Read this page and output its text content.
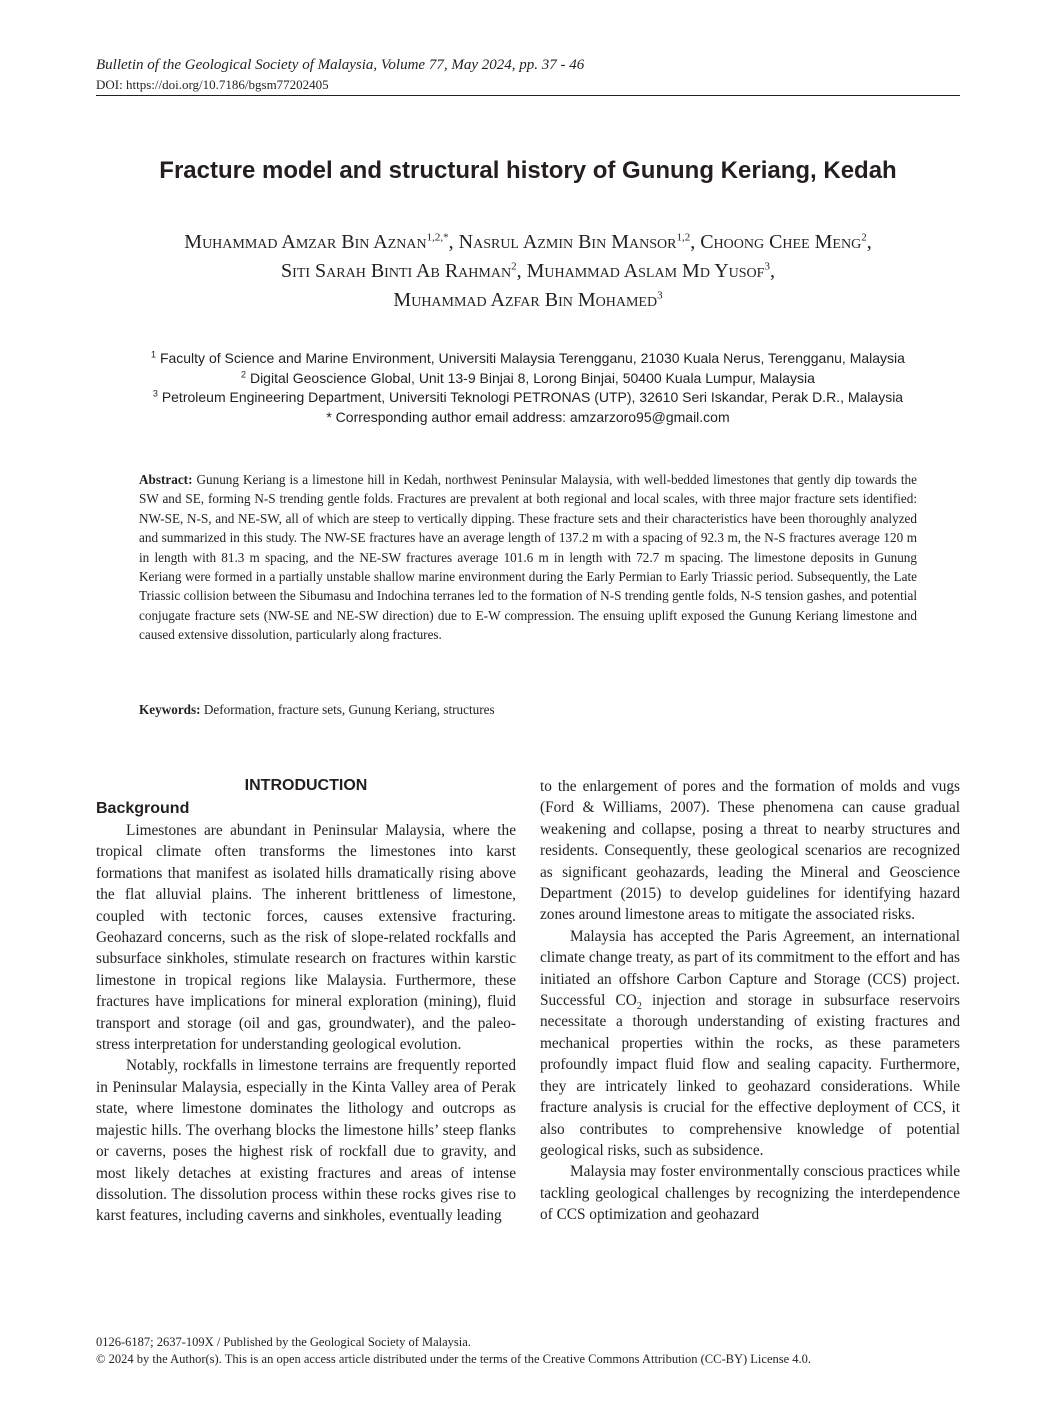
Bulletin of the Geological Society of Malaysia, Volume 77, May 2024, pp. 37 - 46
DOI: https://doi.org/10.7186/bgsm77202405
Fracture model and structural history of Gunung Keriang, Kedah
Muhammad Amzar Bin Aznan$^{1,2,*}$, Nasrul Azmin Bin Mansor$^{1,2}$, Choong Chee Meng$^2$,
Siti Sarah Binti Ab Rahman$^2$, Muhammad Aslam Md Yusof$^3$,
Muhammad Azfar Bin Mohamed$^3$
$^1$ Faculty of Science and Marine Environment, Universiti Malaysia Terengganu, 21030 Kuala Nerus, Terengganu, Malaysia
$^2$ Digital Geoscience Global, Unit 13-9 Binjai 8, Lorong Binjai, 50400 Kuala Lumpur, Malaysia
$^3$ Petroleum Engineering Department, Universiti Teknologi PETRONAS (UTP), 32610 Seri Iskandar, Perak D.R., Malaysia
* Corresponding author email address: amzarzoro95@gmail.com
Abstract: Gunung Keriang is a limestone hill in Kedah, northwest Peninsular Malaysia, with well-bedded limestones that gently dip towards the SW and SE, forming N-S trending gentle folds. Fractures are prevalent at both regional and local scales, with three major fracture sets identified: NW-SE, N-S, and NE-SW, all of which are steep to vertically dipping. These fracture sets and their characteristics have been thoroughly analyzed and summarized in this study. The NW-SE fractures have an average length of 137.2 m with a spacing of 92.3 m, the N-S fractures average 120 m in length with 81.3 m spacing, and the NE-SW fractures average 101.6 m in length with 72.7 m spacing. The limestone deposits in Gunung Keriang were formed in a partially unstable shallow marine environment during the Early Permian to Early Triassic period. Subsequently, the Late Triassic collision between the Sibumasu and Indochina terranes led to the formation of N-S trending gentle folds, N-S tension gashes, and potential conjugate fracture sets (NW-SE and NE-SW direction) due to E-W compression. The ensuing uplift exposed the Gunung Keriang limestone and caused extensive dissolution, particularly along fractures.
Keywords: Deformation, fracture sets, Gunung Keriang, structures
INTRODUCTION
Background

Limestones are abundant in Peninsular Malaysia, where the tropical climate often transforms the limestones into karst formations that manifest as isolated hills dramatically rising above the flat alluvial plains. The inherent brittleness of limestone, coupled with tectonic forces, causes extensive fracturing. Geohazard concerns, such as the risk of slope-related rockfalls and subsurface sinkholes, stimulate research on fractures within karstic limestone in tropical regions like Malaysia. Furthermore, these fractures have implications for mineral exploration (mining), fluid transport and storage (oil and gas, groundwater), and the paleo-stress interpretation for understanding geological evolution.

Notably, rockfalls in limestone terrains are frequently reported in Peninsular Malaysia, especially in the Kinta Valley area of Perak state, where limestone dominates the lithology and outcrops as majestic hills. The overhang blocks the limestone hills’ steep flanks or caverns, poses the highest risk of rockfall due to gravity, and most likely detaches at existing fractures and areas of intense dissolution. The dissolution process within these rocks gives rise to karst features, including caverns and sinkholes, eventually leading

to the enlargement of pores and the formation of molds and vugs (Ford & Williams, 2007). These phenomena can cause gradual weakening and collapse, posing a threat to nearby structures and residents. Consequently, these geological scenarios are recognized as significant geohazards, leading the Mineral and Geoscience Department (2015) to develop guidelines for identifying hazard zones around limestone areas to mitigate the associated risks.

Malaysia has accepted the Paris Agreement, an international climate change treaty, as part of its commitment to the effort and has initiated an offshore Carbon Capture and Storage (CCS) project. Successful $CO_2$ injection and storage in subsurface reservoirs necessitate a thorough understanding of existing fractures and mechanical properties within the rocks, as these parameters profoundly impact fluid flow and sealing capacity. Furthermore, they are intricately linked to geohazard considerations. While fracture analysis is crucial for the effective deployment of CCS, it also contributes to comprehensive knowledge of potential geological risks, such as subsidence.

Malaysia may foster environmentally conscious practices while tackling geological challenges by recognizing the interdependence of CCS optimization and geohazard

0126-6187; 2637-109X / Published by the Geological Society of Malaysia.
© 2024 by the Author(s). This is an open access article distributed under the terms of the Creative Commons Attribution (CC-BY) License 4.0.
